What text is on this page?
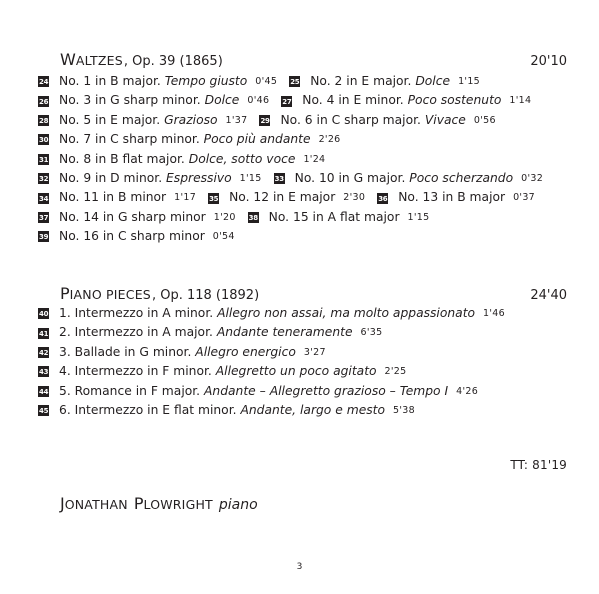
W ALTZES , Op. 39 (1865)	20'10
24 No. 1 in B major.
Tempo giusto 0'45 25 No. 2 in E major.
Dolce 1'15
26 No. 3 in G sharp minor.
Dolce 0'46 27 No. 4 in E minor.
Poco sostenuto 1'14
28 No. 5 in E major.
Grazioso 1'37 29 No. 6 in C sharp major.
Vivace 0'56
30 No. 7 in C sharp minor.
Poco più andante 2'26
31 No. 8 in B flat major.
Dolce, sotto voce 1'24
32 No. 9 in D minor.
Espressivo 1'15 33 No. 10 in G major.
Poco scherzando 0'32
34 No. 11 in B minor 1'17 35 No. 12 in E major 2'30 36 No. 13 in B major 0'37
37 No. 14 in G sharp minor 1'20 38 No. 15 in A flat major 1'15
39 No. 16 in C sharp minor 0'54
P IANO PIECES , Op. 118 (1892)	24'40
40 1. Intermezzo in A minor.
Allegro non assai, ma molto appassionato 1'46
41 2. Intermezzo in A major.
Andante teneramente 6'35
42 3. Ballade in G minor.
Allegro energico 3'27
43 4. Intermezzo in F minor.
Allegretto un poco agitato 2'25
44 5. Romance in F major.
Andante – Allegretto grazioso – Tempo I 4'26
45 6. Intermezzo in E flat minor.
Andante, largo e mesto 5'38
TT: 81'19
J ONATHAN P LOWRIGHT piano
3
